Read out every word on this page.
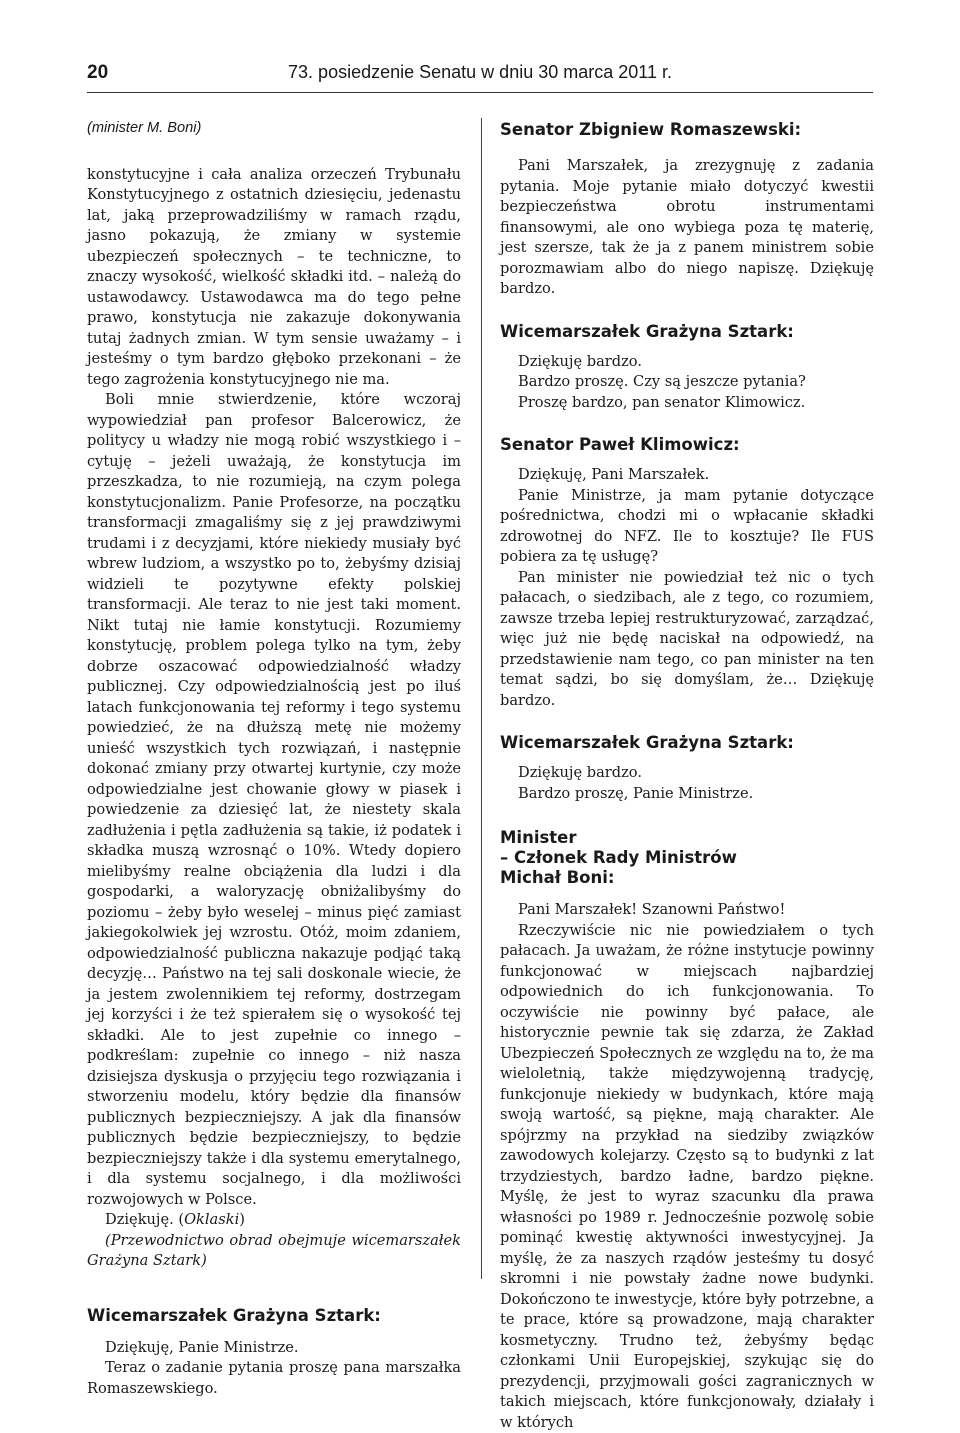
73. posiedzenie Senatu w dniu 30 marca 2011 r.
20

(minister M. Boni)

konstytucyjne i cała analiza orzeczeń Trybunału Konstytucyjnego z ostatnich dziesięciu, jedenastu lat, jaką przeprowadziliśmy w ramach rządu, jasno pokazują, że zmiany w systemie ubezpieczeń społecznych – te techniczne, to znaczy wysokość, wielkość składki itd. – należą do ustawodawcy. Ustawodawca ma do tego pełne prawo, konstytucja nie zakazuje dokonywania tutaj żadnych zmian. W tym sensie uważamy – i jesteśmy o tym bardzo głęboko przekonani – że tego zagrożenia konstytucyjnego nie ma.

Boli mnie stwierdzenie, które wczoraj wypowiedział pan profesor Balcerowicz, że politycy u władzy nie mogą robić wszystkiego i – cytuję – jeżeli uważają, że konstytucja im przeszkadza, to nie rozumieją, na czym polega konstytucjonalizm. Panie Profesorze, na początku transformacji zmagaliśmy się z jej prawdziwymi trudami i z decyzjami, które niekiedy musiały być wbrew ludziom, a wszystko po to, żebyśmy dzisiaj widzieli te pozytywne efekty polskiej transformacji. Ale teraz to nie jest taki moment. Nikt tutaj nie łamie konstytucji. Rozumiemy konstytucję, problem polega tylko na tym, żeby dobrze oszacować odpowiedzialność władzy publicznej. Czy odpowiedzialnością jest po iluś latach funkcjonowania tej reformy i tego systemu powiedzieć, że na dłuższą metę nie możemy unieść wszystkich tych rozwiązań, i następnie dokonać zmiany przy otwartej kurtynie, czy może odpowiedzialne jest chowanie głowy w piasek i powiedzenie za dziesięć lat, że niestety skala zadłużenia i pętla zadłużenia są takie, iż podatek i składka muszą wzrosnąć o 10%. Wtedy dopiero mielibyśmy realne obciążenia dla ludzi i dla gospodarki, a waloryzację obniżalibyśmy do poziomu – żeby było weselej – minus pięć zamiast jakiegokolwiek jej wzrostu. Otóż, moim zdaniem, odpowiedzialność publiczna nakazuje podjąć taką decyzję… Państwo na tej sali doskonale wiecie, że ja jestem zwolennikiem tej reformy, dostrzegam jej korzyści i że też spierałem się o wysokość tej składki. Ale to jest zupełnie co innego – podkreślam: zupełnie co innego – niż nasza dzisiejsza dyskusja o przyjęciu tego rozwiązania i stworzeniu modelu, który będzie dla finansów publicznych bezpieczniejszy. A jak dla finansów publicznych będzie bezpieczniejszy, to będzie bezpieczniejszy także i dla systemu emerytalnego, i dla systemu socjalnego, i dla możliwości rozwojowych w Polsce.

Dziękuję. (Oklaski)

(Przewodnictwo obrad obejmuje wicemarszałek Grażyna Sztark)

Wicemarszałek Grażyna Sztark:

Dziękuję, Panie Ministrze.

Teraz o zadanie pytania proszę pana marszałka Romaszewskiego.

Senator Zbigniew Romaszewski:

Pani Marszałek, ja zrezygnuję z zadania pytania. Moje pytanie miało dotyczyć kwestii bezpieczeństwa obrotu instrumentami finansowymi, ale ono wybiega poza tę materię, jest szersze, tak że ja z panem ministrem sobie porozmawiam albo do niego napiszę. Dziękuję bardzo.

Wicemarszałek Grażyna Sztark:

Dziękuję bardzo.

Bardzo proszę. Czy są jeszcze pytania?

Proszę bardzo, pan senator Klimowicz.

Senator Paweł Klimowicz:

Dziękuję, Pani Marszałek.

Panie Ministrze, ja mam pytanie dotyczące pośrednictwa, chodzi mi o wpłacanie składki zdrowotnej do NFZ. Ile to kosztuje? Ile FUS pobiera za tę usługę?

Pan minister nie powiedział też nic o tych pałacach, o siedzibach, ale z tego, co rozumiem, zawsze trzeba lepiej restrukturyzować, zarządzać, więc już nie będę naciskał na odpowiedź, na przedstawienie nam tego, co pan minister na ten temat sądzi, bo się domyślam, że… Dziękuję bardzo.

Wicemarszałek Grażyna Sztark:

Dziękuję bardzo.

Bardzo proszę, Panie Ministrze.

Minister

– Członek Rady Ministrów

Michał Boni:

Pani Marszałek! Szanowni Państwo!

Rzeczywiście nic nie powiedziałem o tych pałacach. Ja uważam, że różne instytucje powinny funkcjonować w miejscach najbardziej odpowiednich do ich funkcjonowania. To oczywiście nie powinny być pałace, ale historycznie pewnie tak się zdarza, że Zakład Ubezpieczeń Społecznych ze względu na to, że ma wieloletnią, także międzywojenną tradycję, funkcjonuje niekiedy w budynkach, które mają swoją wartość, są piękne, mają charakter. Ale spójrzmy na przykład na siedziby związków zawodowych kolejarzy. Często są to budynki z lat trzydziestych, bardzo ładne, bardzo piękne. Myślę, że jest to wyraz szacunku dla prawa własności po 1989 r. Jednocześnie pozwolę sobie pominąć kwestię aktywności inwestycyjnej. Ja myślę, że za naszych rządów jesteśmy tu dosyć skromni i nie powstały żadne nowe budynki. Dokończono te inwestycje, które były potrzebne, a te prace, które są prowadzone, mają charakter kosmetyczny. Trudno też, żebyśmy będąc członkami Unii Europejskiej, szykując się do prezydencji, przyjmowali gości zagranicznych w takich miejscach, które funkcjonowały, działały i w których
